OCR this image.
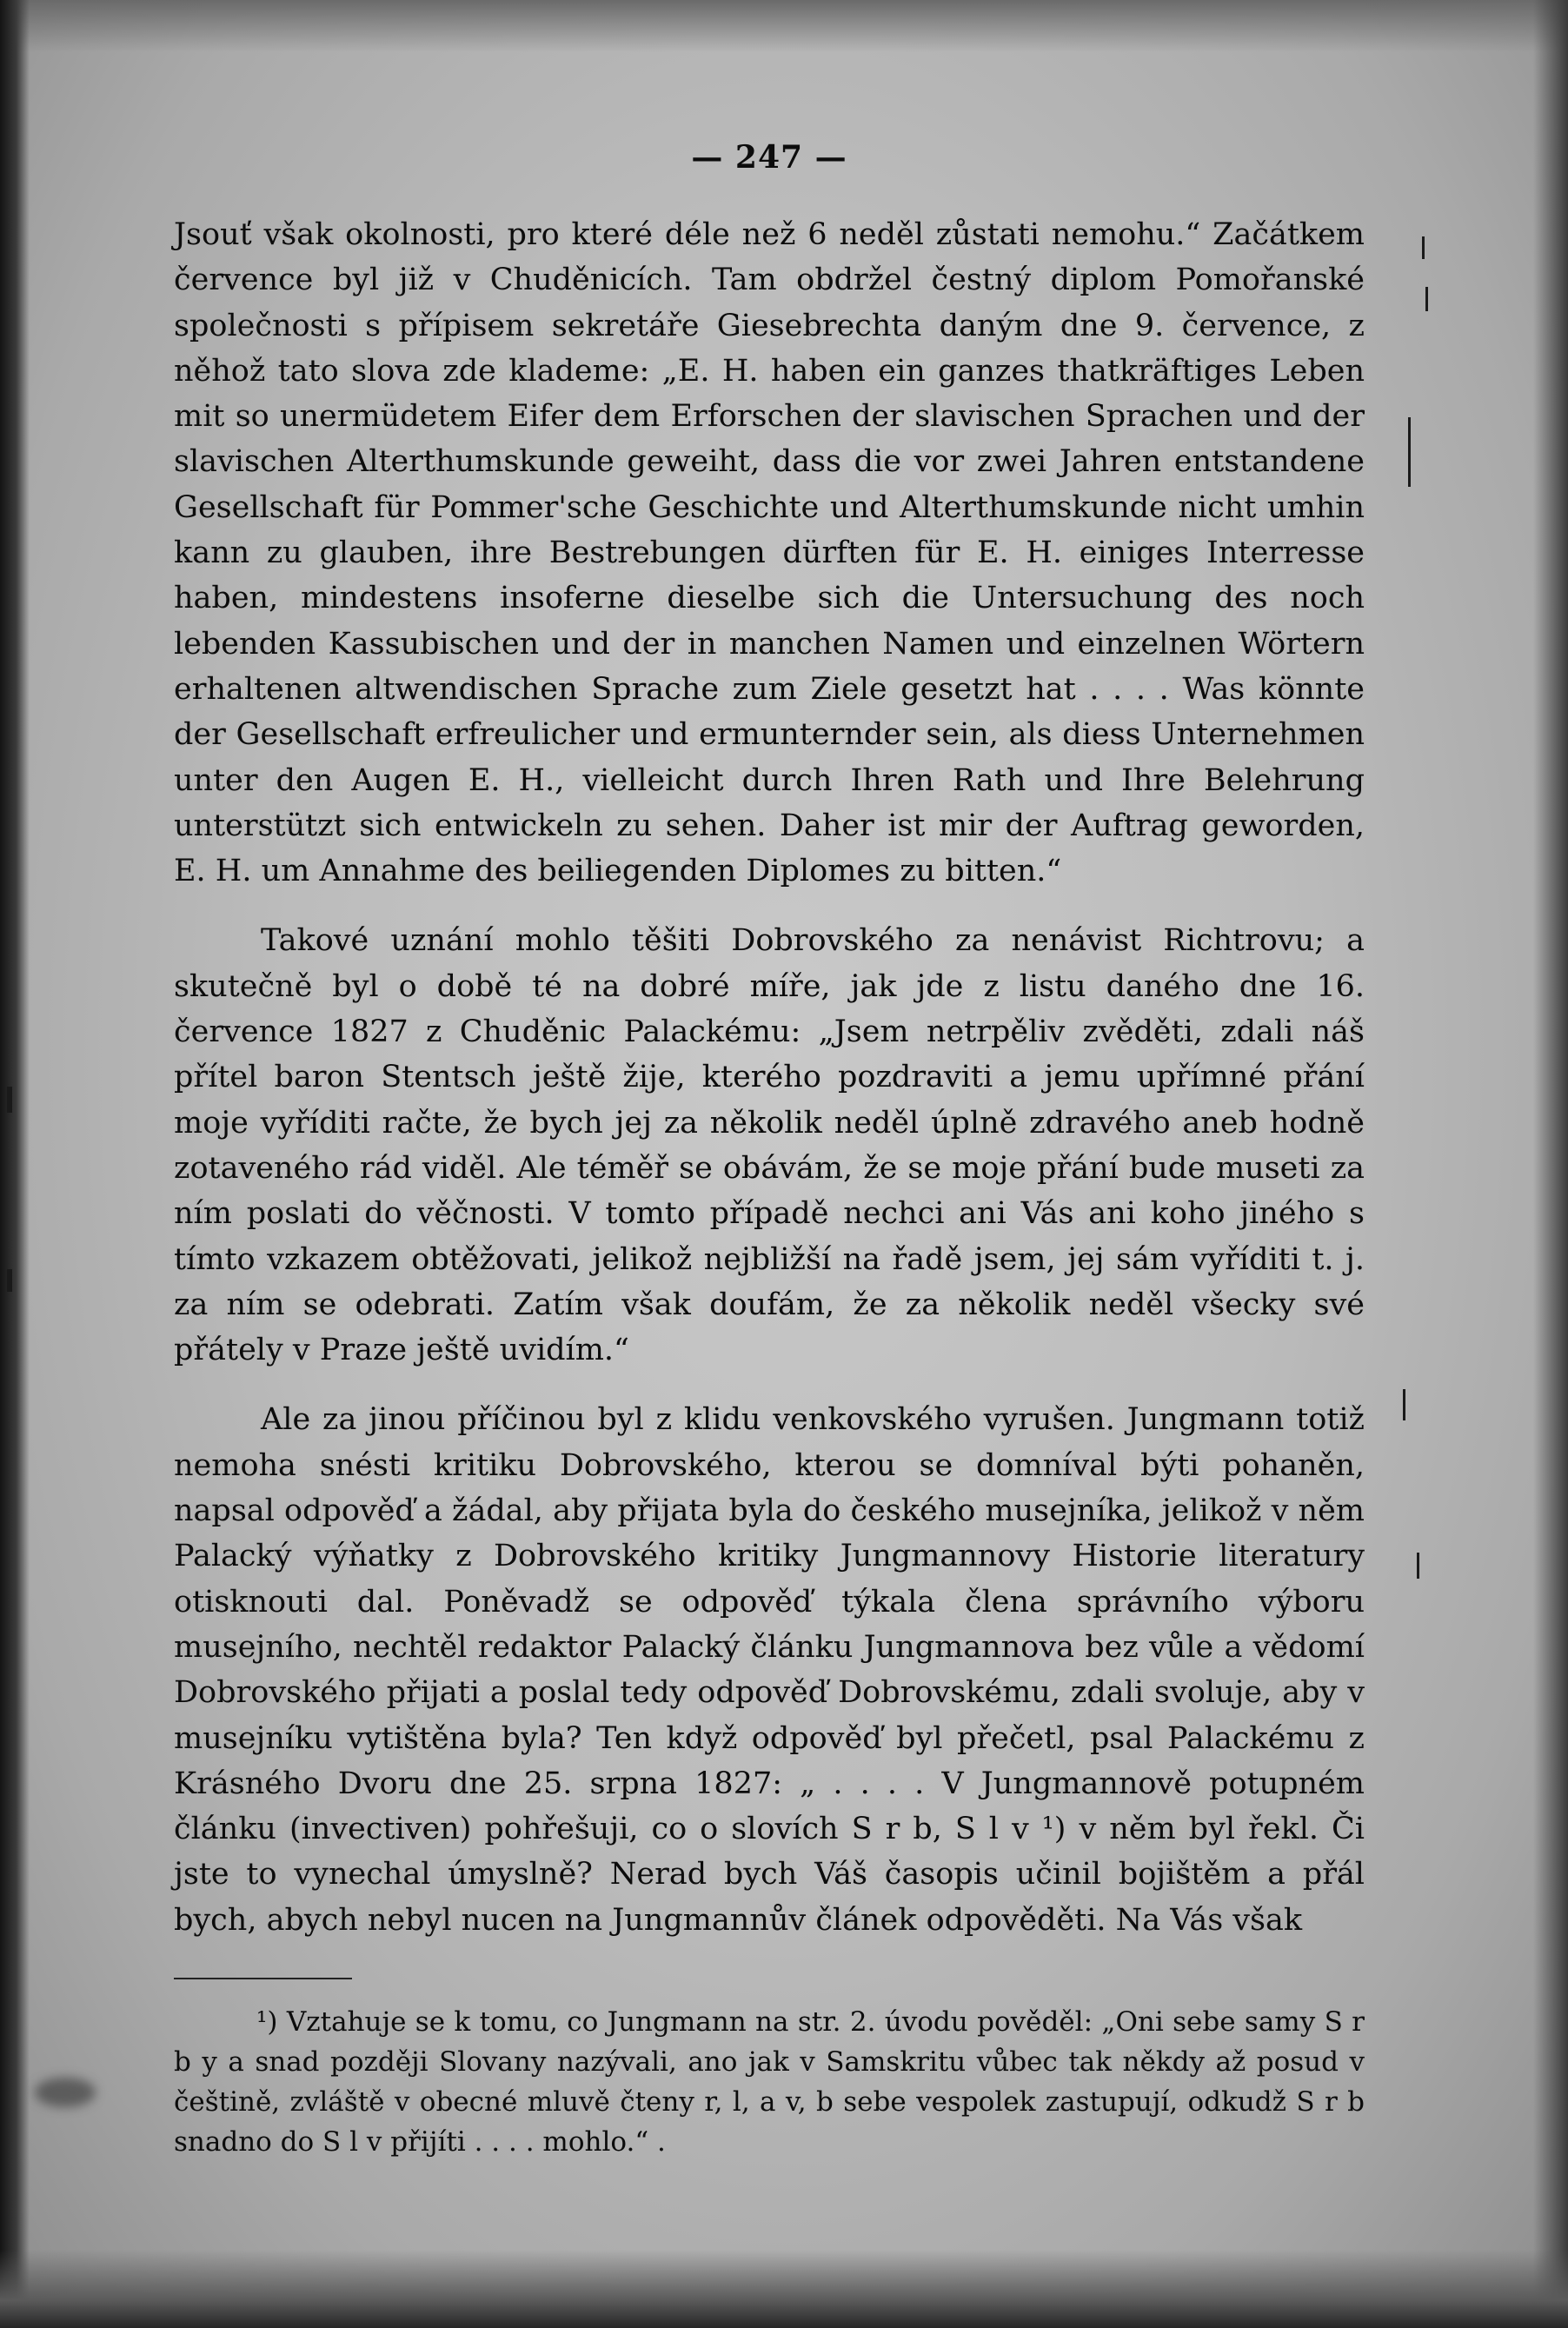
— 247 —

Jsouť však okolnosti, pro které déle než 6 neděl zůstati nemohu.“ Začátkem července byl již v Chuděnicích. Tam obdržel čestný diplom Pomořanské společnosti s přípisem sekretáře Giesebrechta daným dne 9. července, z něhož tato slova zde klademe: „E. H. haben ein ganzes thatkräftiges Leben mit so unermüdetem Eifer dem Erforschen der slavischen Sprachen und der slavischen Alterthumskunde geweiht, dass die vor zwei Jahren entstandene Gesellschaft für Pommer'sche Geschichte und Alterthumskunde nicht umhin kann zu glauben, ihre Bestrebungen dürften für E. H. einiges Interresse haben, mindestens insoferne dieselbe sich die Untersuchung des noch lebenden Kassubischen und der in manchen Namen und einzelnen Wörtern erhaltenen altwendischen Sprache zum Ziele gesetzt hat . . . . Was könnte der Gesellschaft erfreulicher und ermunternder sein, als diess Unternehmen unter den Augen E. H., vielleicht durch Ihren Rath und Ihre Belehrung unterstützt sich entwickeln zu sehen. Daher ist mir der Auftrag geworden, E. H. um Annahme des beiliegenden Diplomes zu bitten.“

Takové uznání mohlo těšiti Dobrovského za nenávist Richtrovu; a skutečně byl o době té na dobré míře, jak jde z listu daného dne 16. července 1827 z Chuděnic Palackému: „Jsem netrpěliv zvěděti, zdali náš přítel baron Stentsch ještě žije, kterého pozdraviti a jemu upřímné přání moje vyříditi račte, že bych jej za několik neděl úplně zdravého aneb hodně zotaveného rád viděl. Ale téměř se obávám, že se moje přání bude museti za ním poslati do věčnosti. V tomto případě nechci ani Vás ani koho jiného s tímto vzkazem obtěžovati, jelikož nejbližší na řadě jsem, jej sám vyříditi t. j. za ním se odebrati. Zatím však doufám, že za několik neděl všecky své přátely v Praze ještě uvidím.“

Ale za jinou příčinou byl z klidu venkovského vyrušen. Jungmann totiž nemoha snésti kritiku Dobrovského, kterou se domníval býti pohaněn, napsal odpověď a žádal, aby přijata byla do českého musejníka, jelikož v něm Palacký výňatky z Dobrovského kritiky Jungmannovy Historie literatury otisknouti dal. Poněvadž se odpověď týkala člena správního výboru musejního, nechtěl redaktor Palacký článku Jungmannova bez vůle a vědomí Dobrovského přijati a poslal tedy odpověď Dobrovskému, zdali svoluje, aby v musejníku vytištěna byla? Ten když odpověď byl přečetl, psal Palackému z Krásného Dvoru dne 25. srpna 1827: „ . . . . V Jungmannově potupném článku (invectiven) pohřešuji, co o slovích S r b, S l v ¹) v něm byl řekl. Či jste to vynechal úmyslně? Nerad bych Váš časopis učinil bojištěm a přál bych, abych nebyl nucen na Jungmannův článek odpověděti. Na Vás však

¹) Vztahuje se k tomu, co Jungmann na str. 2. úvodu pověděl: „Oni sebe samy S r b y a snad později Slovany nazývali, ano jak v Samskritu vůbec tak někdy až posud v češtině, zvláště v obecné mluvě čteny r, l, a v, b sebe vespolek zastupují, odkudž S r b snadno do S l v přijíti . . . . mohlo.“ .
